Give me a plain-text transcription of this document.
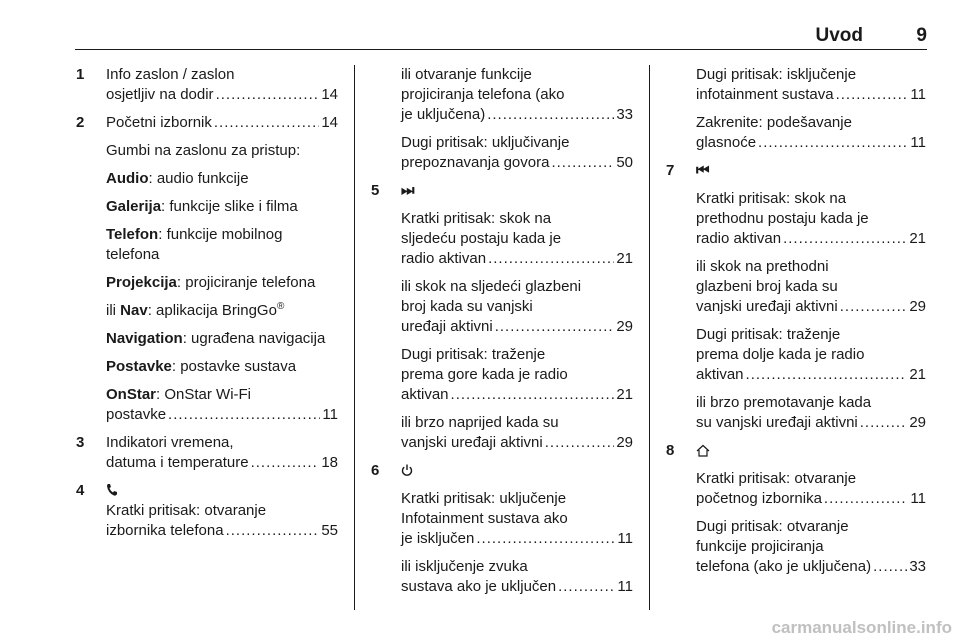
Uvod	9
1 Info zaslon / zaslon
osjetljiv na dodir .....	14
2 Početni izbornik .....	14
Gumbi na zaslonu za pristup:
Audio: audio funkcije
Galerija: funkcije slike i filma
Telefon: funkcije mobilnog
telefona
Projekcija: projiciranje telefona
ili Nav: aplikacija BringGo®
Navigation: ugrađena navigacija
Postavke: postavke sustava
OnStar: OnStar Wi-Fi
postavke .....	11
3 Indikatori vremena,
datuma i temperature .....	18
4
Kratki pritisak: otvaranje
izbornika telefona .....	55
ili otvaranje funkcije
projiciranja telefona (ako
je uključena) .....	33
Dugi pritisak: uključivanje
prepoznavanja govora .....	50
5 ⏭
Kratki pritisak: skok na
sljedeću postaju kada je
radio aktivan .....	21
ili skok na sljedeći glazbeni
broj kada su vanjski
uređaji aktivni .....	29
Dugi pritisak: traženje
prema gore kada je radio
aktivan .....	21
ili brzo naprijed kada su
vanjski uređaji aktivni .....	29
6
Kratki pritisak: uključenje
Infotainment sustava ako
je isključen .....	11
ili isključenje zvuka
sustava ako je uključen .....	11
Dugi pritisak: isključenje
infotainment sustava .....	11
Zakrenite: podešavanje
glasnoće .....	11
7 ⏮
Kratki pritisak: skok na
prethodnu postaju kada je
radio aktivan .....	21
ili skok na prethodni
glazbeni broj kada su
vanjski uređaji aktivni .....	29
Dugi pritisak: traženje
prema dolje kada je radio
aktivan .....	21
ili brzo premotavanje kada
su vanjski uređaji aktivni .....	29
8
Kratki pritisak: otvaranje
početnog izbornika .....	11
Dugi pritisak: otvaranje
funkcije projiciranja
telefona (ako je uključena) .....	33
carmanualsonline.info
